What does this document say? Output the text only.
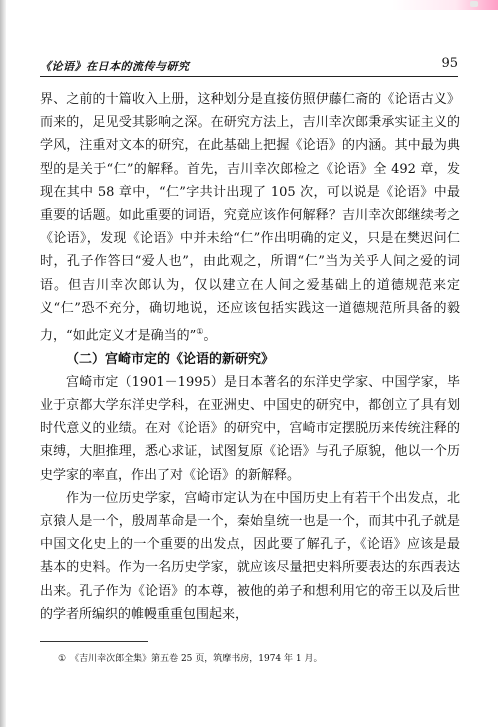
《论语》在日本的流传与研究	95

界、之前的十篇收入上册，这种划分是直接仿照伊藤仁斋的《论语古义》而来的，足见受其影响之深。在研究方法上，吉川幸次郎秉承实证主义的学风，注重对文本的研究，在此基础上把握《论语》的内涵。其中最为典型的是关于“仁”的解释。首先，吉川幸次郎检之《论语》全 492 章，发现在其中 58 章中，“仁”字共计出现了 105 次，可以说是《论语》中最重要的话题。如此重要的词语，究竟应该作何解释？吉川幸次郎继续考之《论语》，发现《论语》中并未给“仁”作出明确的定义，只是在樊迟问仁时，孔子作答曰“爱人也”，由此观之，所谓“仁”当为关乎人间之爱的词语。但吉川幸次郎认为，仅以建立在人间之爱基础上的道德规范来定义“仁”恐不充分，确切地说，还应该包括实践这一道德规范所具备的毅力，“如此定义才是确当的”①。

（二）宫崎市定的《论语的新研究》

宫崎市定（1901－1995）是日本著名的东洋史学家、中国学家，毕业于京都大学东洋史学科，在亚洲史、中国史的研究中，都创立了具有划时代意义的业绩。在对《论语》的研究中，宫崎市定摆脱历来传统注释的束缚，大胆推理，悉心求证，试图复原《论语》与孔子原貌，他以一个历史学家的率直，作出了对《论语》的新解释。

作为一位历史学家，宫崎市定认为在中国历史上有若干个出发点，北京猿人是一个，殷周革命是一个，秦始皇统一也是一个，而其中孔子就是中国文化史上的一个重要的出发点，因此要了解孔子，《论语》应该是最基本的史料。作为一名历史学家，就应该尽量把史料所要表达的东西表达出来。孔子作为《论语》的本尊，被他的弟子和想利用它的帝王以及后世的学者所编织的帷幔重重包围起来，

① 《吉川幸次郎全集》第五卷 25 页，筑摩书房，1974 年 1 月。
